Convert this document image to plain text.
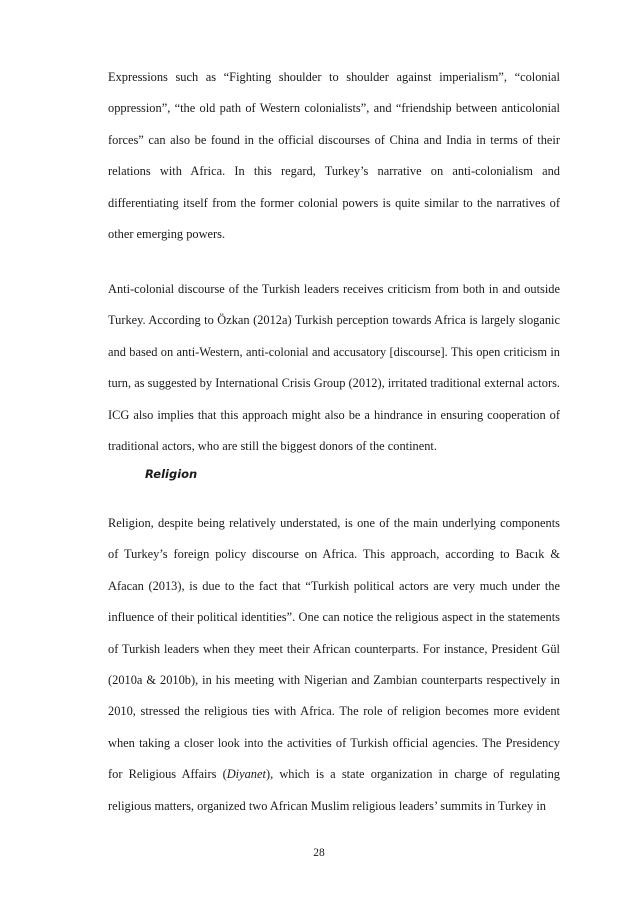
Expressions such as “Fighting shoulder to shoulder against imperialism”, “colonial oppression”, “the old path of Western colonialists”, and “friendship between anticolonial forces” can also be found in the official discourses of China and India in terms of their relations with Africa. In this regard, Turkey’s narrative on anti-colonialism and differentiating itself from the former colonial powers is quite similar to the narratives of other emerging powers.

Anti-colonial discourse of the Turkish leaders receives criticism from both in and outside Turkey. According to Özkan (2012a) Turkish perception towards Africa is largely sloganic and based on anti-Western, anti-colonial and accusatory [discourse]. This open criticism in turn, as suggested by International Crisis Group (2012), irritated traditional external actors. ICG also implies that this approach might also be a hindrance in ensuring cooperation of traditional actors, who are still the biggest donors of the continent.

Religion

Religion, despite being relatively understated, is one of the main underlying components of Turkey’s foreign policy discourse on Africa. This approach, according to Bacık & Afacan (2013), is due to the fact that “Turkish political actors are very much under the influence of their political identities”. One can notice the religious aspect in the statements of Turkish leaders when they meet their African counterparts. For instance, President Gül (2010a & 2010b), in his meeting with Nigerian and Zambian counterparts respectively in 2010, stressed the religious ties with Africa. The role of religion becomes more evident when taking a closer look into the activities of Turkish official agencies. The Presidency for Religious Affairs (Diyanet), which is a state organization in charge of regulating religious matters, organized two African Muslim religious leaders’ summits in Turkey in

28
